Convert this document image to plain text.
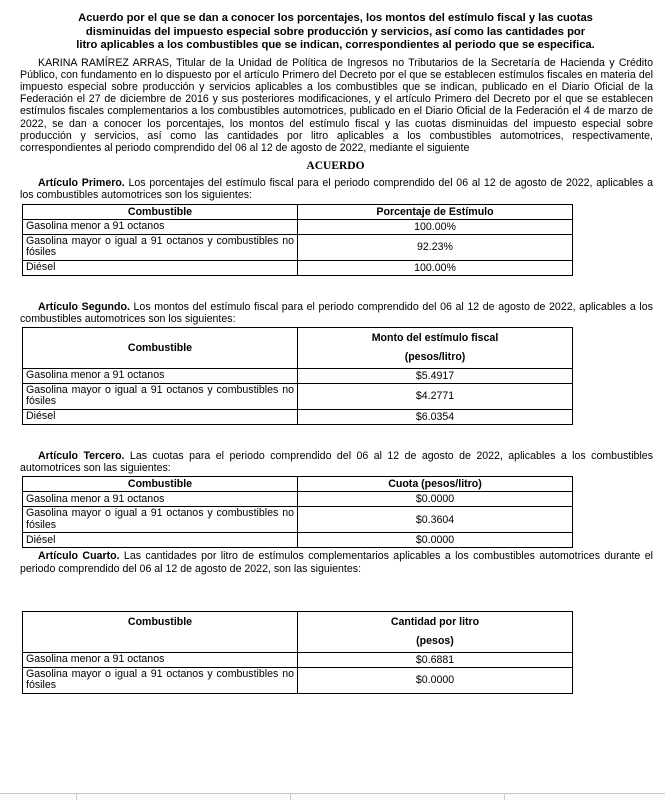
Acuerdo por el que se dan a conocer los porcentajes, los montos del estímulo fiscal y las cuotas disminuidas del impuesto especial sobre producción y servicios, así como las cantidades por litro aplicables a los combustibles que se indican, correspondientes al periodo que se especifica.
KARINA RAMÍREZ ARRAS, Titular de la Unidad de Política de Ingresos no Tributarios de la Secretaría de Hacienda y Crédito Público, con fundamento en lo dispuesto por el artículo Primero del Decreto por el que se establecen estímulos fiscales en materia del impuesto especial sobre producción y servicios aplicables a los combustibles que se indican, publicado en el Diario Oficial de la Federación el 27 de diciembre de 2016 y sus posteriores modificaciones, y el artículo Primero del Decreto por el que se establecen estímulos fiscales complementarios a los combustibles automotrices, publicado en el Diario Oficial de la Federación el 4 de marzo de 2022, se dan a conocer los porcentajes, los montos del estímulo fiscal y las cuotas disminuidas del impuesto especial sobre producción y servicios, así como las cantidades por litro aplicables a los combustibles automotrices, respectivamente, correspondientes al periodo comprendido del 06 al 12 de agosto de 2022, mediante el siguiente
ACUERDO
Artículo Primero. Los porcentajes del estímulo fiscal para el periodo comprendido del 06 al 12 de agosto de 2022, aplicables a los combustibles automotrices son los siguientes:
Combustible	Porcentaje de Estímulo
Gasolina menor a 91 octanos	100.00%
Gasolina mayor o igual a 91 octanos y combustibles no fósiles	92.23%
Diésel	100.00%
Artículo Segundo. Los montos del estímulo fiscal para el periodo comprendido del 06 al 12 de agosto de 2022, aplicables a los combustibles automotrices son los siguientes:
Combustible	Monto del estímulo fiscal
(pesos/litro)

Gasolina menor a 91 octanos	$5.4917
Gasolina mayor o igual a 91 octanos y combustibles no fósiles	$4.2771
Diésel	$6.0354
Artículo Tercero. Las cuotas para el periodo comprendido del 06 al 12 de agosto de 2022, aplicables a los combustibles automotrices son las siguientes:
Combustible	Cuota (pesos/litro)
Gasolina menor a 91 octanos	$0.0000
Gasolina mayor o igual a 91 octanos y combustibles no fósiles	$0.3604
Diésel	$0.0000
Artículo Cuarto. Las cantidades por litro de estímulos complementarios aplicables a los combustibles automotrices durante el periodo comprendido del 06 al 12 de agosto de 2022, son las siguientes:
Combustible	Cantidad por litro
(pesos)

Gasolina menor a 91 octanos	$0.6881
Gasolina mayor o igual a 91 octanos y combustibles no fósiles	$0.0000
